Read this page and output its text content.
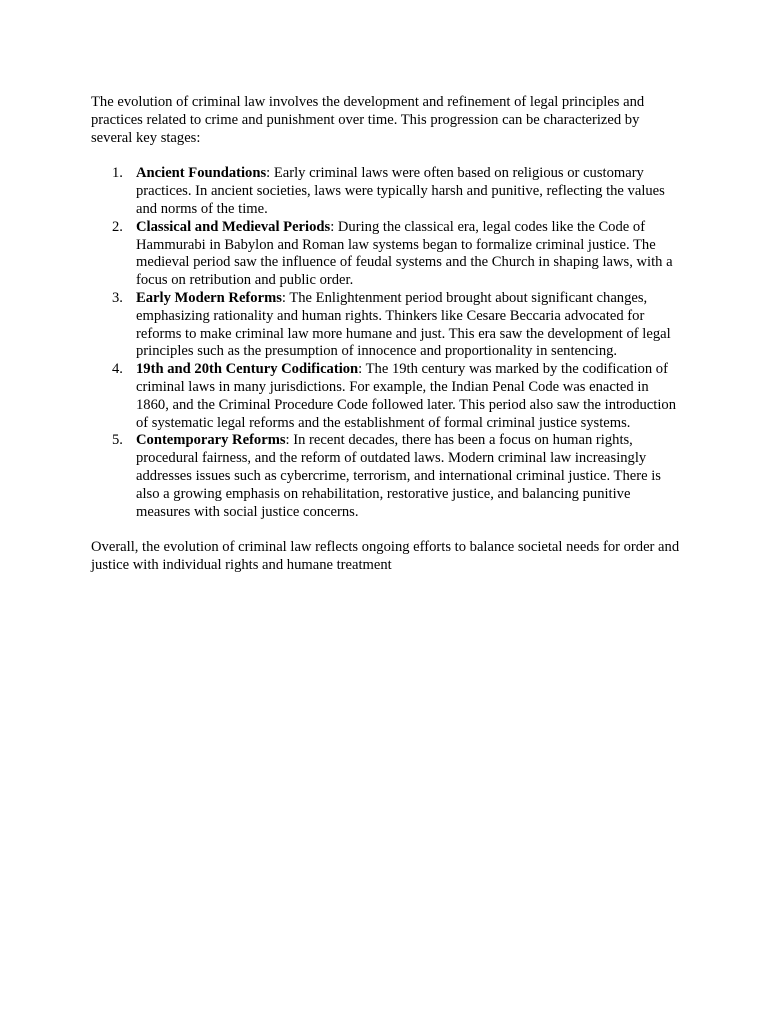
The evolution of criminal law involves the development and refinement of legal principles and practices related to crime and punishment over time. This progression can be characterized by several key stages:

1. Ancient Foundations: Early criminal laws were often based on religious or customary practices. In ancient societies, laws were typically harsh and punitive, reflecting the values and norms of the time.
2. Classical and Medieval Periods: During the classical era, legal codes like the Code of Hammurabi in Babylon and Roman law systems began to formalize criminal justice. The medieval period saw the influence of feudal systems and the Church in shaping laws, with a focus on retribution and public order.
3. Early Modern Reforms: The Enlightenment period brought about significant changes, emphasizing rationality and human rights. Thinkers like Cesare Beccaria advocated for reforms to make criminal law more humane and just. This era saw the development of legal principles such as the presumption of innocence and proportionality in sentencing.
4. 19th and 20th Century Codification: The 19th century was marked by the codification of criminal laws in many jurisdictions. For example, the Indian Penal Code was enacted in 1860, and the Criminal Procedure Code followed later. This period also saw the introduction of systematic legal reforms and the establishment of formal criminal justice systems.
5. Contemporary Reforms: In recent decades, there has been a focus on human rights, procedural fairness, and the reform of outdated laws. Modern criminal law increasingly addresses issues such as cybercrime, terrorism, and international criminal justice. There is also a growing emphasis on rehabilitation, restorative justice, and balancing punitive measures with social justice concerns.

Overall, the evolution of criminal law reflects ongoing efforts to balance societal needs for order and justice with individual rights and humane treatment
